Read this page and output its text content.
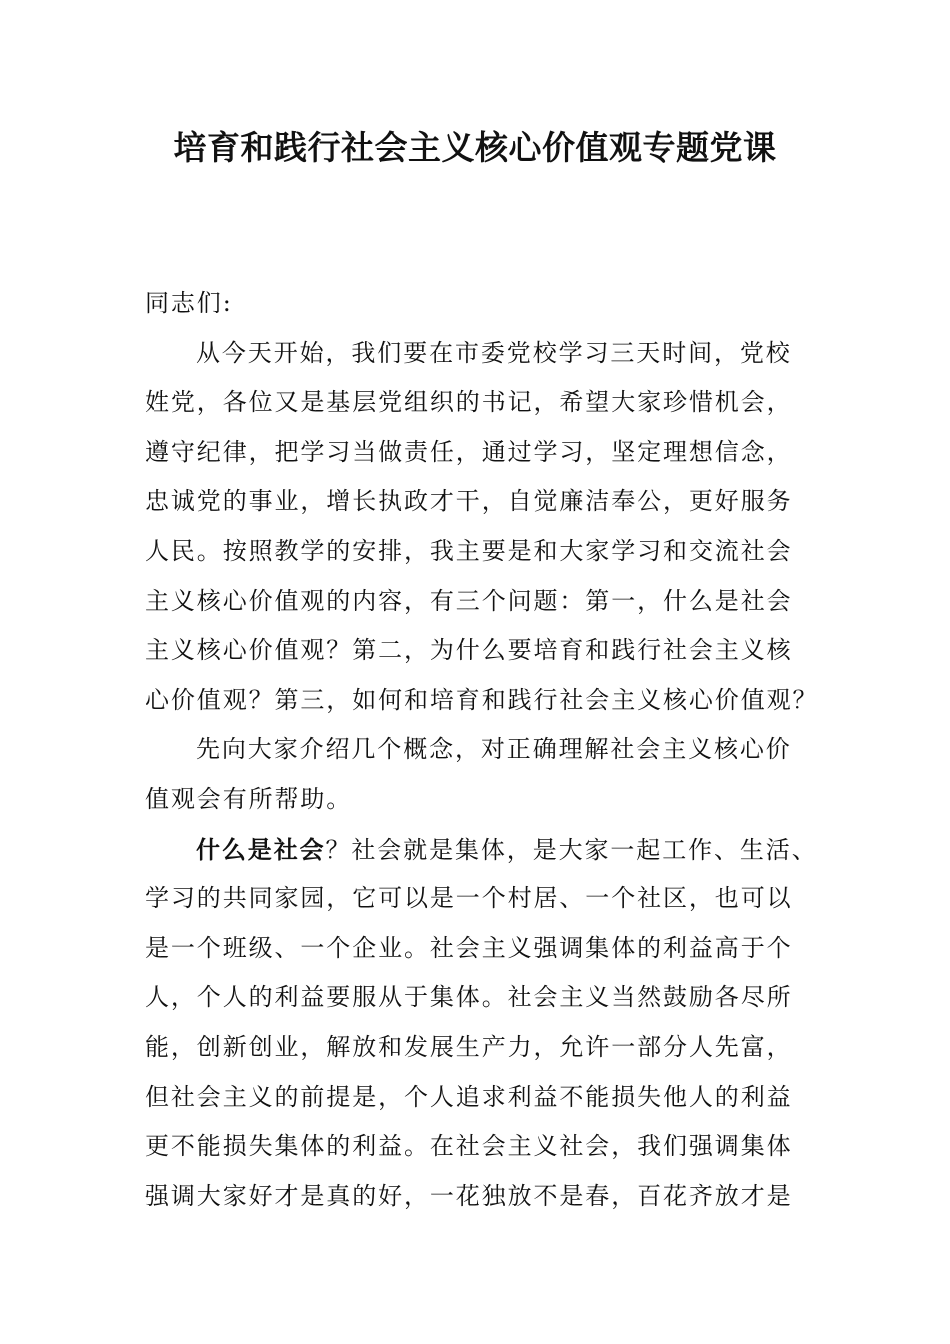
培育和践行社会主义核心价值观专题党课
同志们:
从今天开始，我们要在市委党校学习三天时间，党校
姓党，各位又是基层党组织的书记，希望大家珍惜机会，
遵守纪律，把学习当做责任，通过学习，坚定理想信念，
忠诚党的事业，增长执政才干，自觉廉洁奉公，更好服务
人民。按照教学的安排，我主要是和大家学习和交流社会
主义核心价值观的内容，有三个问题：第一，什么是社会
主义核心价值观？第二，为什么要培育和践行社会主义核
心价值观？第三，如何和培育和践行社会主义核心价值观？
先向大家介绍几个概念，对正确理解社会主义核心价
值观会有所帮助。
什么是社会？社会就是集体，是大家一起工作、生活、
学习的共同家园，它可以是一个村居、一个社区，也可以
是一个班级、一个企业。社会主义强调集体的利益高于个
人，个人的利益要服从于集体。社会主义当然鼓励各尽所
能，创新创业，解放和发展生产力，允许一部分人先富，
但社会主义的前提是，个人追求利益不能损失他人的利益
更不能损失集体的利益。在社会主义社会，我们强调集体
强调大家好才是真的好，一花独放不是春，百花齐放才是
